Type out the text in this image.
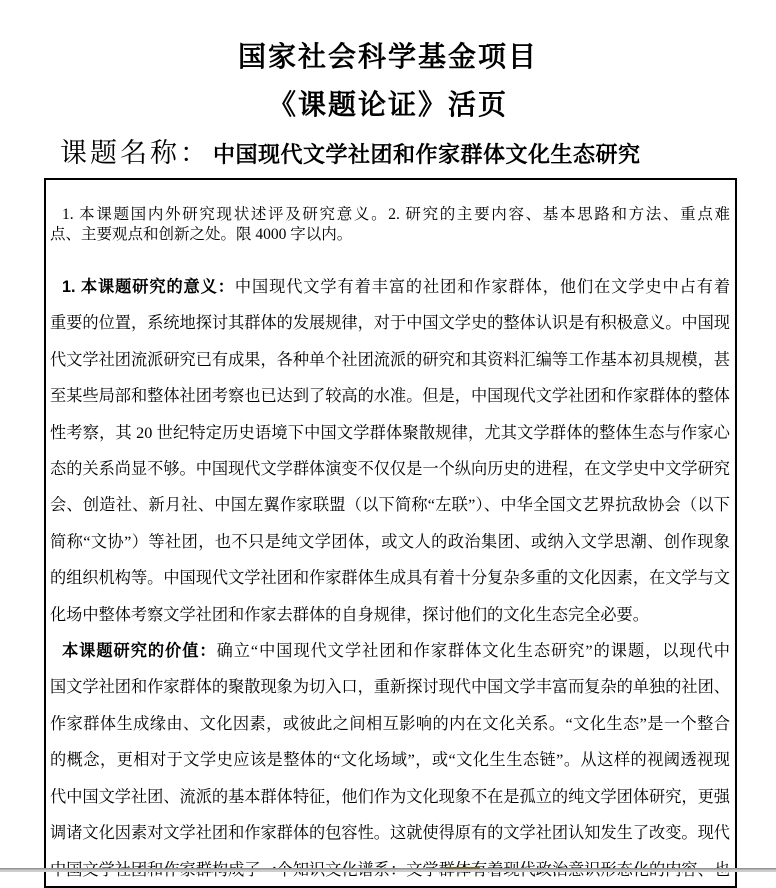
国家社会科学基金项目
《课题论证》活页
课题名称： 中国现代文学社团和作家群体文化生态研究
1. 本课题国内外研究现状述评及研究意义。2. 研究的主要内容、基本思路和方法、重点难
点、主要观点和创新之处。限 4000 字以内。
1. 本课题研究的意义：中国现代文学有着丰富的社团和作家群体，他们在文学史中占有着
重要的位置，系统地探讨其群体的发展规律，对于中国文学史的整体认识是有积极意义。中国现
代文学社团流派研究已有成果，各种单个社团流派的研究和其资料汇编等工作基本初具规模，甚
至某些局部和整体社团考察也已达到了较高的水准。但是，中国现代文学社团和作家群体的整体
性考察，其 20 世纪特定历史语境下中国文学群体聚散规律，尤其文学群体的整体生态与作家心
态的关系尚显不够。中国现代文学群体演变不仅仅是一个纵向历史的进程，在文学史中文学研究
会、创造社、新月社、中国左翼作家联盟（以下简称“左联”）、中华全国文艺界抗敌协会（以下
简称“文协”）等社团，也不只是纯文学团体，或文人的政治集团、或纳入文学思潮、创作现象
的组织机构等。中国现代文学社团和作家群体生成具有着十分复杂多重的文化因素，在文学与文
化场中整体考察文学社团和作家去群体的自身规律，探讨他们的文化生态完全必要。
本课题研究的价值：确立“中国现代文学社团和作家群体文化生态研究”的课题，以现代中
国文学社团和作家群体的聚散现象为切入口，重新探讨现代中国文学丰富而复杂的单独的社团、
作家群体生成缘由、文化因素，或彼此之间相互影响的内在文化关系。“文化生态”是一个整合
的概念，更相对于文学史应该是整体的“文化场域”，或“文化生生态链”。从这样的视阈透视现
代中国文学社团、流派的基本群体特征，他们作为文化现象不在是孤立的纯文学团体研究，更强
调诸文化因素对文学社团和作家群体的包容性。这就使得原有的文学社团认知发生了改变。现代
